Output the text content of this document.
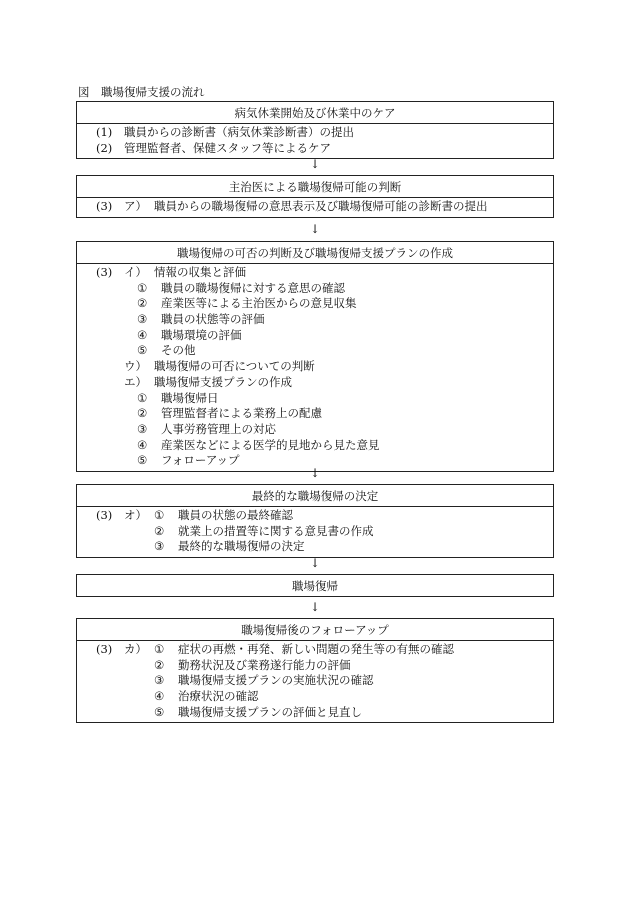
図　職場復帰支援の流れ
病気休業開始及び休業中のケア
(1) 職員からの診断書（病気休業診断書）の提出
(2) 管理監督者、保健スタッフ等によるケア
↓
主治医による職場復帰可能の判断
(3) ア） 職員からの職場復帰の意思表示及び職場復帰可能の診断書の提出
↓
職場復帰の可否の判断及び職場復帰支援プランの作成
(3) イ） 情報の収集と評価
① 職員の職場復帰に対する意思の確認
② 産業医等による主治医からの意見収集
③ 職員の状態等の評価
④ 職場環境の評価
⑤ その他
ウ） 職場復帰の可否についての判断
エ） 職場復帰支援プランの作成
① 職場復帰日
② 管理監督者による業務上の配慮
③ 人事労務管理上の対応
④ 産業医などによる医学的見地から見た意見
⑤ フォローアップ
↓
最終的な職場復帰の決定
(3) オ） ① 職員の状態の最終確認
② 就業上の措置等に関する意見書の作成
③ 最終的な職場復帰の決定
↓
職場復帰
↓
職場復帰後のフォローアップ
(3) カ） ① 症状の再燃・再発、新しい問題の発生等の有無の確認
② 勤務状況及び業務遂行能力の評価
③ 職場復帰支援プランの実施状況の確認
④ 治療状況の確認
⑤ 職場復帰支援プランの評価と見直し
